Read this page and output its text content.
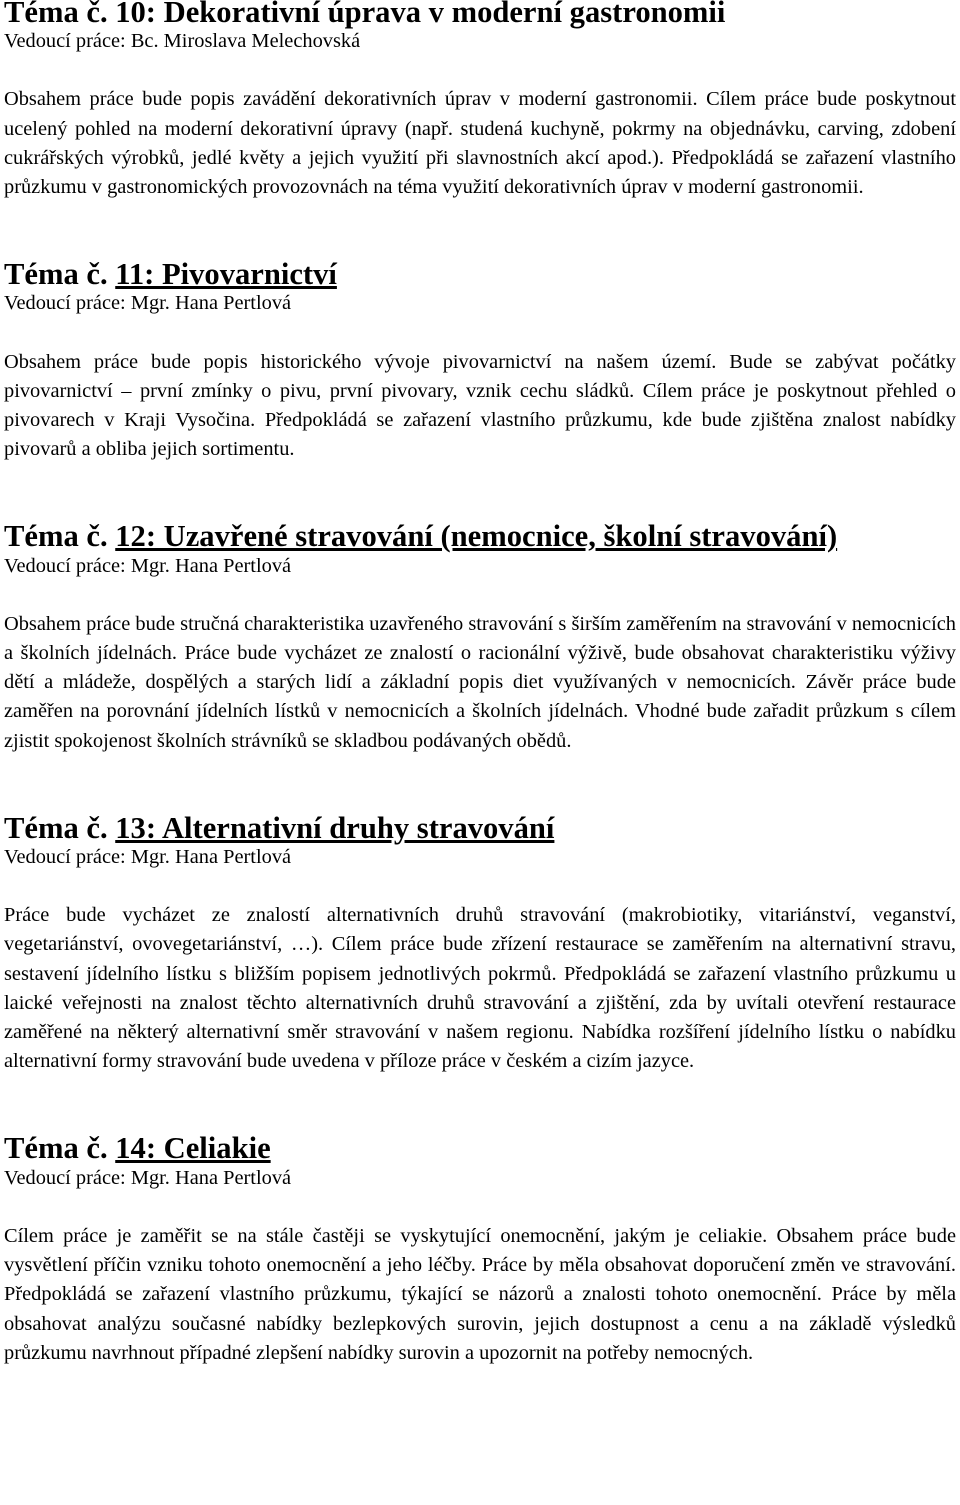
Téma č. 10: Dekorativní úprava v moderní gastronomii

Vedoucí práce: Bc. Miroslava Melechovská

Obsahem práce bude popis zavádění dekorativních úprav v moderní gastronomii. Cílem práce bude poskytnout ucelený pohled na moderní dekorativní úpravy (např. studená kuchyně, pokrmy na objednávku, carving, zdobení cukrářských výrobků, jedlé květy a jejich využití při slavnostních akcí apod.). Předpokládá se zařazení vlastního průzkumu v gastronomických provozovnách na téma využití dekorativních úprav v moderní gastronomii.

Téma č. 11: Pivovarnictví

Vedoucí práce: Mgr. Hana Pertlová

Obsahem práce bude popis historického vývoje pivovarnictví na našem území. Bude se zabývat počátky pivovarnictví – první zmínky o pivu, první pivovary, vznik cechu sládků. Cílem práce je poskytnout přehled o pivovarech v Kraji Vysočina. Předpokládá se zařazení vlastního průzkumu, kde bude zjištěna znalost nabídky pivovarů a obliba jejich sortimentu.

Téma č. 12: Uzavřené stravování (nemocnice, školní stravování)

Vedoucí práce: Mgr. Hana Pertlová

Obsahem práce bude stručná charakteristika uzavřeného stravování s širším zaměřením na stravování v nemocnicích a školních jídelnách. Práce bude vycházet ze znalostí o racionální výživě, bude obsahovat charakteristiku výživy dětí a mládeže, dospělých a starých lidí a základní popis diet využívaných v nemocnicích. Závěr práce bude zaměřen na porovnání jídelních lístků v nemocnicích a školních jídelnách. Vhodné bude zařadit průzkum s cílem zjistit spokojenost školních strávníků se skladbou podávaných obědů.

Téma č. 13: Alternativní druhy stravování

Vedoucí práce: Mgr. Hana Pertlová

Práce bude vycházet ze znalostí alternativních druhů stravování (makrobiotiky, vitariánství, veganství, vegetariánství, ovovegetariánství, …). Cílem práce bude zřízení restaurace se zaměřením na alternativní stravu, sestavení jídelního lístku s bližším popisem jednotlivých pokrmů. Předpokládá se zařazení vlastního průzkumu u laické veřejnosti na znalost těchto alternativních druhů stravování a zjištění, zda by uvítali otevření restaurace zaměřené na některý alternativní směr stravování v našem regionu. Nabídka rozšíření jídelního lístku o nabídku alternativní formy stravování bude uvedena v příloze práce v českém a cizím jazyce.

Téma č. 14: Celiakie

Vedoucí práce: Mgr. Hana Pertlová

Cílem práce je zaměřit se na stále častěji se vyskytující onemocnění, jakým je celiakie. Obsahem práce bude vysvětlení příčin vzniku tohoto onemocnění a jeho léčby. Práce by měla obsahovat doporučení změn ve stravování. Předpokládá se zařazení vlastního průzkumu, týkající se názorů a znalosti tohoto onemocnění. Práce by měla obsahovat analýzu současné nabídky bezlepkových surovin, jejich dostupnost a cenu a na základě výsledků průzkumu navrhnout případné zlepšení nabídky surovin a upozornit na potřeby nemocných.
